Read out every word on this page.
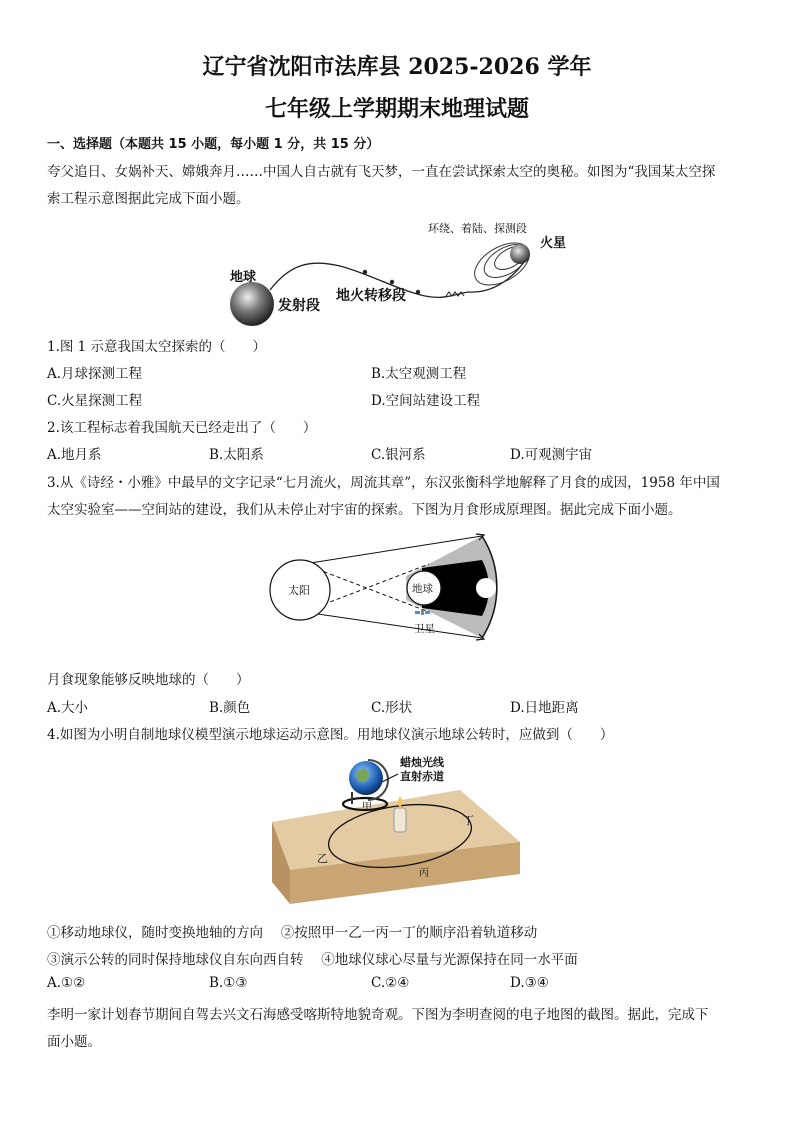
辽宁省沈阳市法库县 2025-2026 学年
七年级上学期期末地理试题
一、选择题（本题共 15 小题，每小题 1 分，共 15 分）
夸父追日、女娲补天、嫦娥奔月……中国人自古就有飞天梦，一直在尝试探索太空的奥秘。如图为“我国某太空探
索工程示意图据此完成下面小题。
环绕、着陆、探测段
火星
地球
发射段
地火转移段
1.图 1 示意我国太空探索的（　　）
A.月球探测工程	B.太空观测工程
C.火星探测工程	D.空间站建设工程
2.该工程标志着我国航天已经走出了（　　）
A.地月系	B.太阳系	C.银河系	D.可观测宇宙
3.从《诗经・小雅》中最早的文字记录“七月流火，周流其章”，东汉张衡科学地解释了月食的成因，1958 年中国
太空实验室——空间站的建设，我们从未停止对宇宙的探索。下图为月食形成原理图。据此完成下面小题。
太阳	地球	月球
卫星
月食现象能够反映地球的（　　）
A.大小	B.颜色	C.形状	D.日地距离
4.如图为小明自制地球仪模型演示地球运动示意图。用地球仪演示地球公转时，应做到（　　）
蜡烛光线
直射赤道
甲
乙
丙
丁
①移动地球仪，随时变换地轴的方向　 ②按照甲一乙一丙一丁的顺序沿着轨道移动
③演示公转的同时保持地球仪自东向西自转　 ④地球仪球心尽量与光源保持在同一水平面
A.①②	B.①③	C.②④	D.③④
李明一家计划春节期间自驾去兴文石海感受喀斯特地貌奇观。下图为李明查阅的电子地图的截图。据此，完成下
面小题。
